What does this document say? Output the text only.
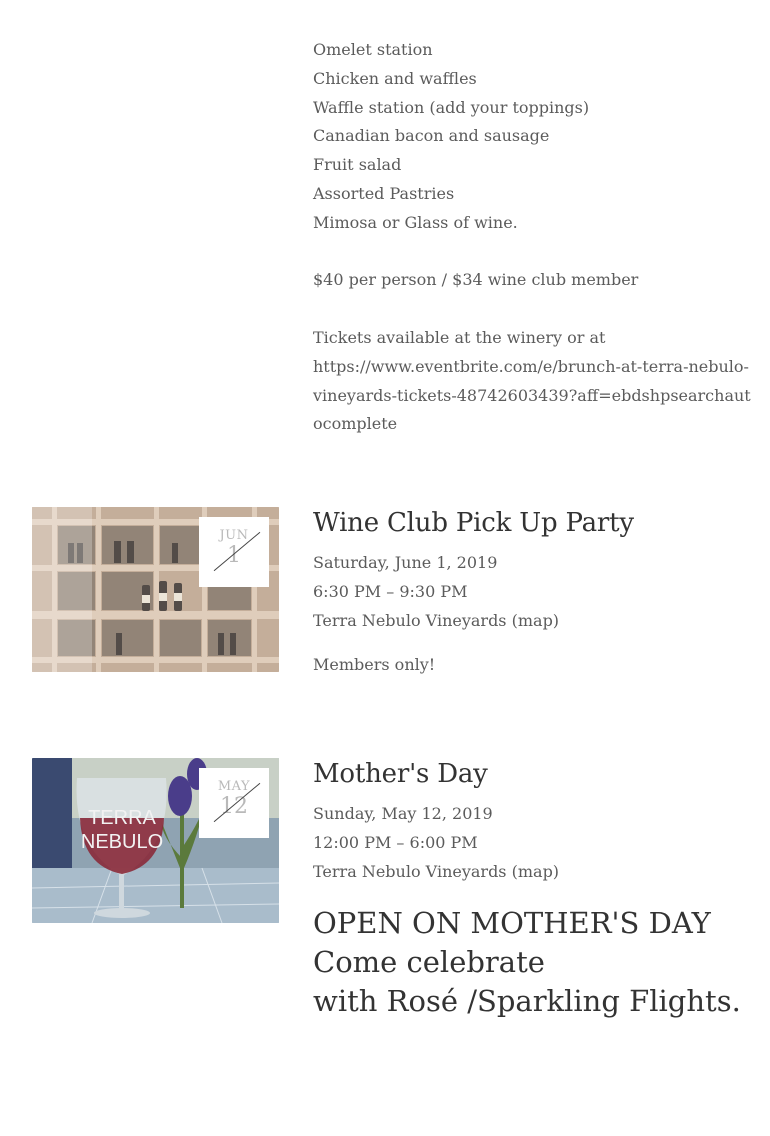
Omelet station

Chicken and waffles

Waffle station (add your toppings)

Canadian bacon and sausage

Fruit salad

Assorted Pastries

Mimosa or Glass of wine.

$40 per person / $34 wine club member

Tickets available at the winery or at

https://www.eventbrite.com/e/brunch-at-terra-nebulo-vineyards-tickets-48742603439?aff=ebdshpsearchautocomplete

JUN
1
Wine Club Pick Up Party
Saturday, June 1, 2019
6:30 PM – 9:30 PM
Terra Nebulo Vineyards (map)
Members only!
TERRA
NEBULO
MAY
12
Mother's Day
Sunday, May 12, 2019
12:00 PM – 6:00 PM
Terra Nebulo Vineyards (map)
OPEN ON MOTHER'S DAY
Come celebrate
with Rosé /Sparkling Flights.
